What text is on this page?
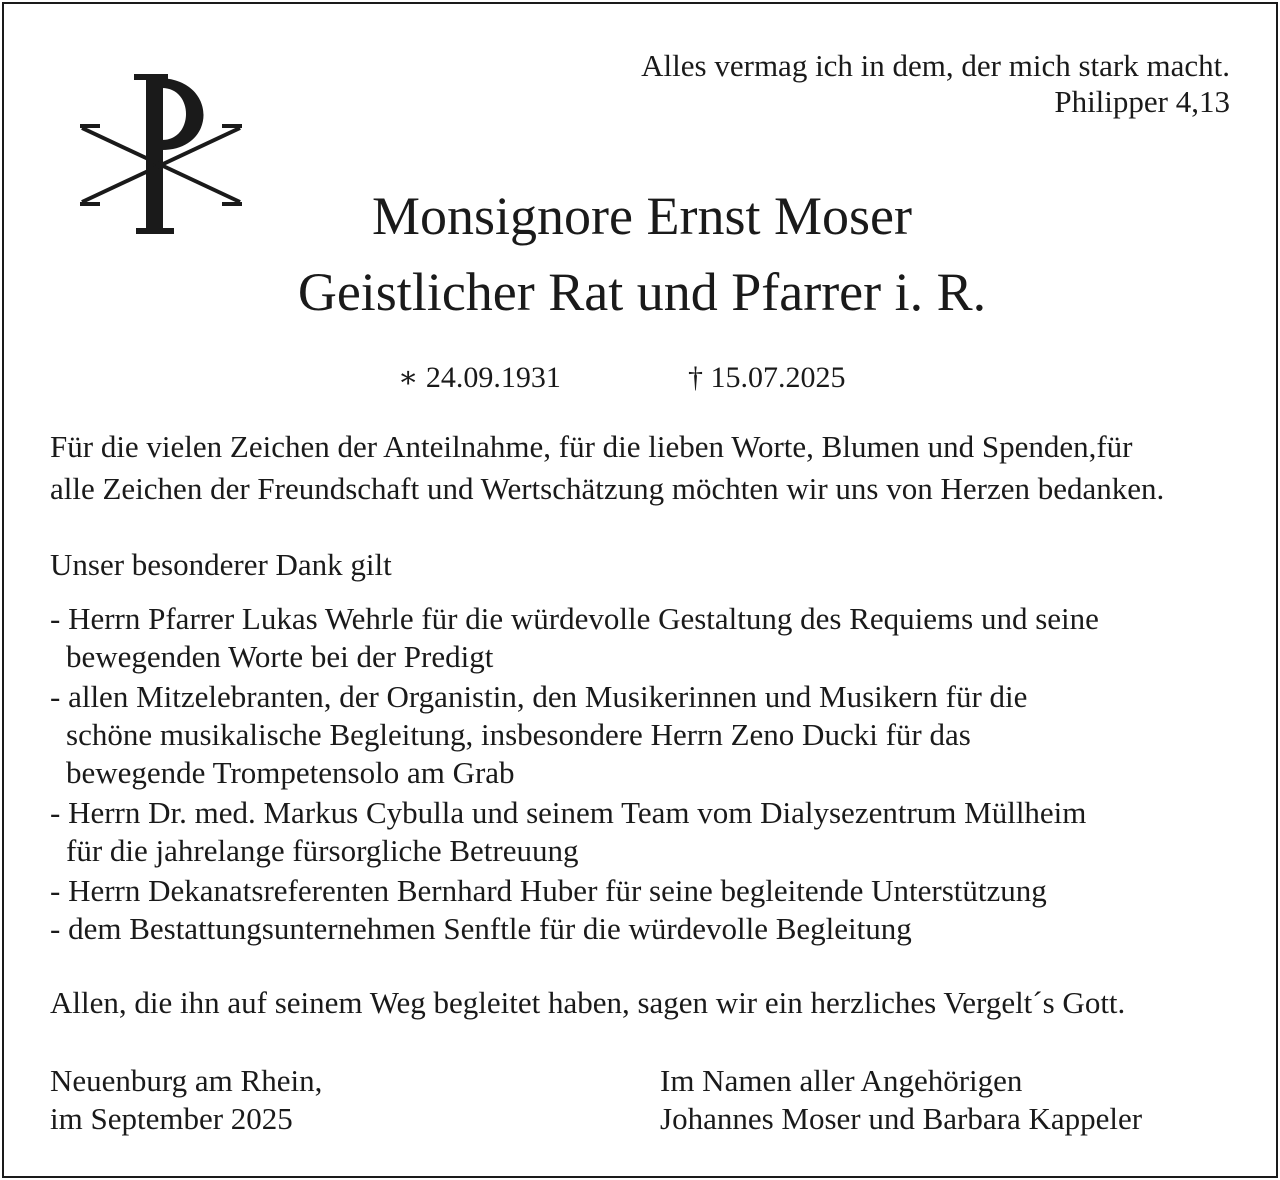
Alles vermag ich in dem, der mich stark macht.
Philipper 4,13
Monsignore Ernst Moser
Geistlicher Rat und Pfarrer i. R.
∗ 24.09.1931	† 15.07.2025
Für die vielen Zeichen der Anteilnahme, für die lieben Worte, Blumen und Spenden,für
alle Zeichen der Freundschaft und Wertschätzung möchten wir uns von Herzen bedanken.
Unser besonderer Dank gilt
- Herrn Pfarrer Lukas Wehrle für die würdevolle Gestaltung des Requiems und seine
bewegenden Worte bei der Predigt
- allen Mitzelebranten, der Organistin, den Musikerinnen und Musikern für die
schöne musikalische Begleitung, insbesondere Herrn Zeno Ducki für das
bewegende Trompetensolo am Grab
- Herrn Dr. med. Markus Cybulla und seinem Team vom Dialysezentrum Müllheim
für die jahrelange fürsorgliche Betreuung
- Herrn Dekanatsreferenten Bernhard Huber für seine begleitende Unterstützung
- dem Bestattungsunternehmen Senftle für die würdevolle Begleitung
Allen, die ihn auf seinem Weg begleitet haben, sagen wir ein herzliches Vergelt´s Gott.
Neuenburg am Rhein,
im September 2025
Im Namen aller Angehörigen
Johannes Moser und Barbara Kappeler
